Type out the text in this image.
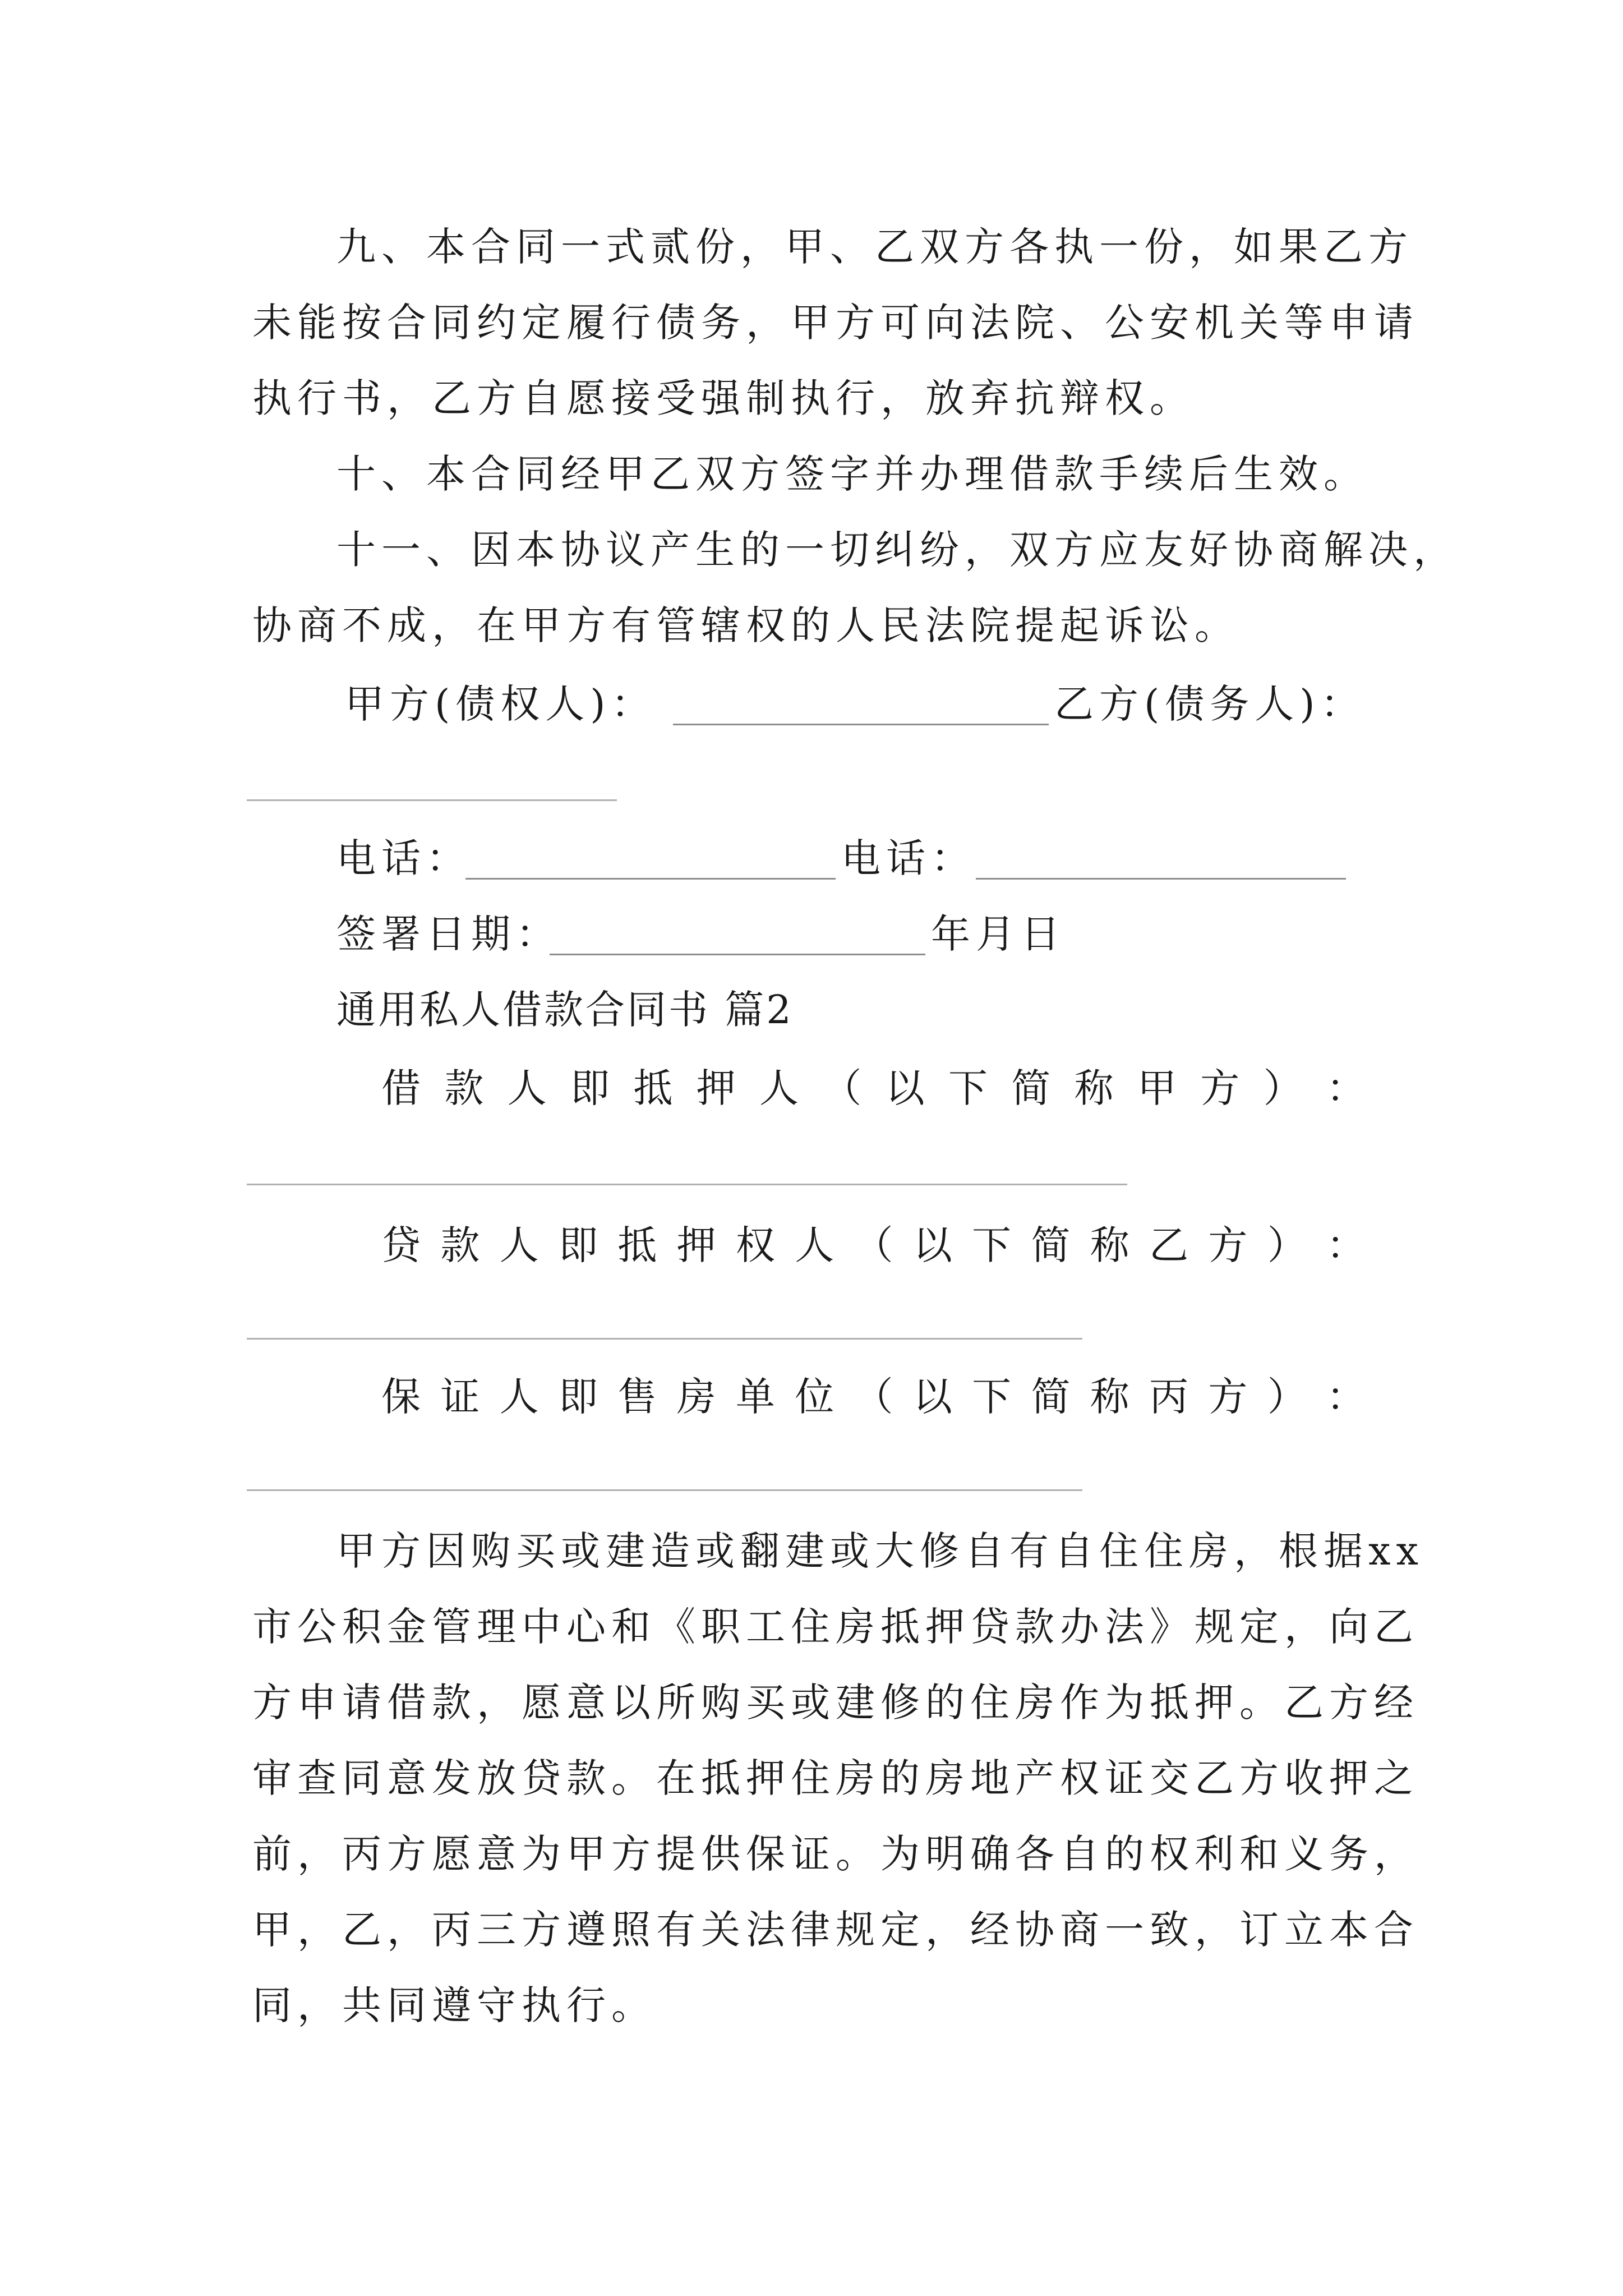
九、本合同一式贰份，甲、乙双方各执一份，如果乙方
未能按合同约定履行债务，甲方可向法院、公安机关等申请
执行书，乙方自愿接受强制执行，放弃抗辩权。
十、本合同经甲乙双方签字并办理借款手续后生效。
十一、因本协议产生的一切纠纷，双方应友好协商解决，
协商不成，在甲方有管辖权的人民法院提起诉讼。
甲方(债权人)：	乙方(债务人)：
电话：	电话：
签署日期：	年月日
通用私人借款合同书 篇2
借 款 人 即 抵 押 人 （ 以 下 简 称 甲 方 ） ：
贷 款 人 即 抵 押 权 人 （ 以 下 简 称 乙 方 ） ：
保 证 人 即 售 房 单 位 （ 以 下 简 称 丙 方 ） ：
甲方因购买或建造或翻建或大修自有自住住房，根据xx
市公积金管理中心和《职工住房抵押贷款办法》规定，向乙
方申请借款，愿意以所购买或建修的住房作为抵押。乙方经
审查同意发放贷款。在抵押住房的房地产权证交乙方收押之
前，丙方愿意为甲方提供保证。为明确各自的权利和义务，
甲，乙，丙三方遵照有关法律规定，经协商一致，订立本合
同，共同遵守执行。
